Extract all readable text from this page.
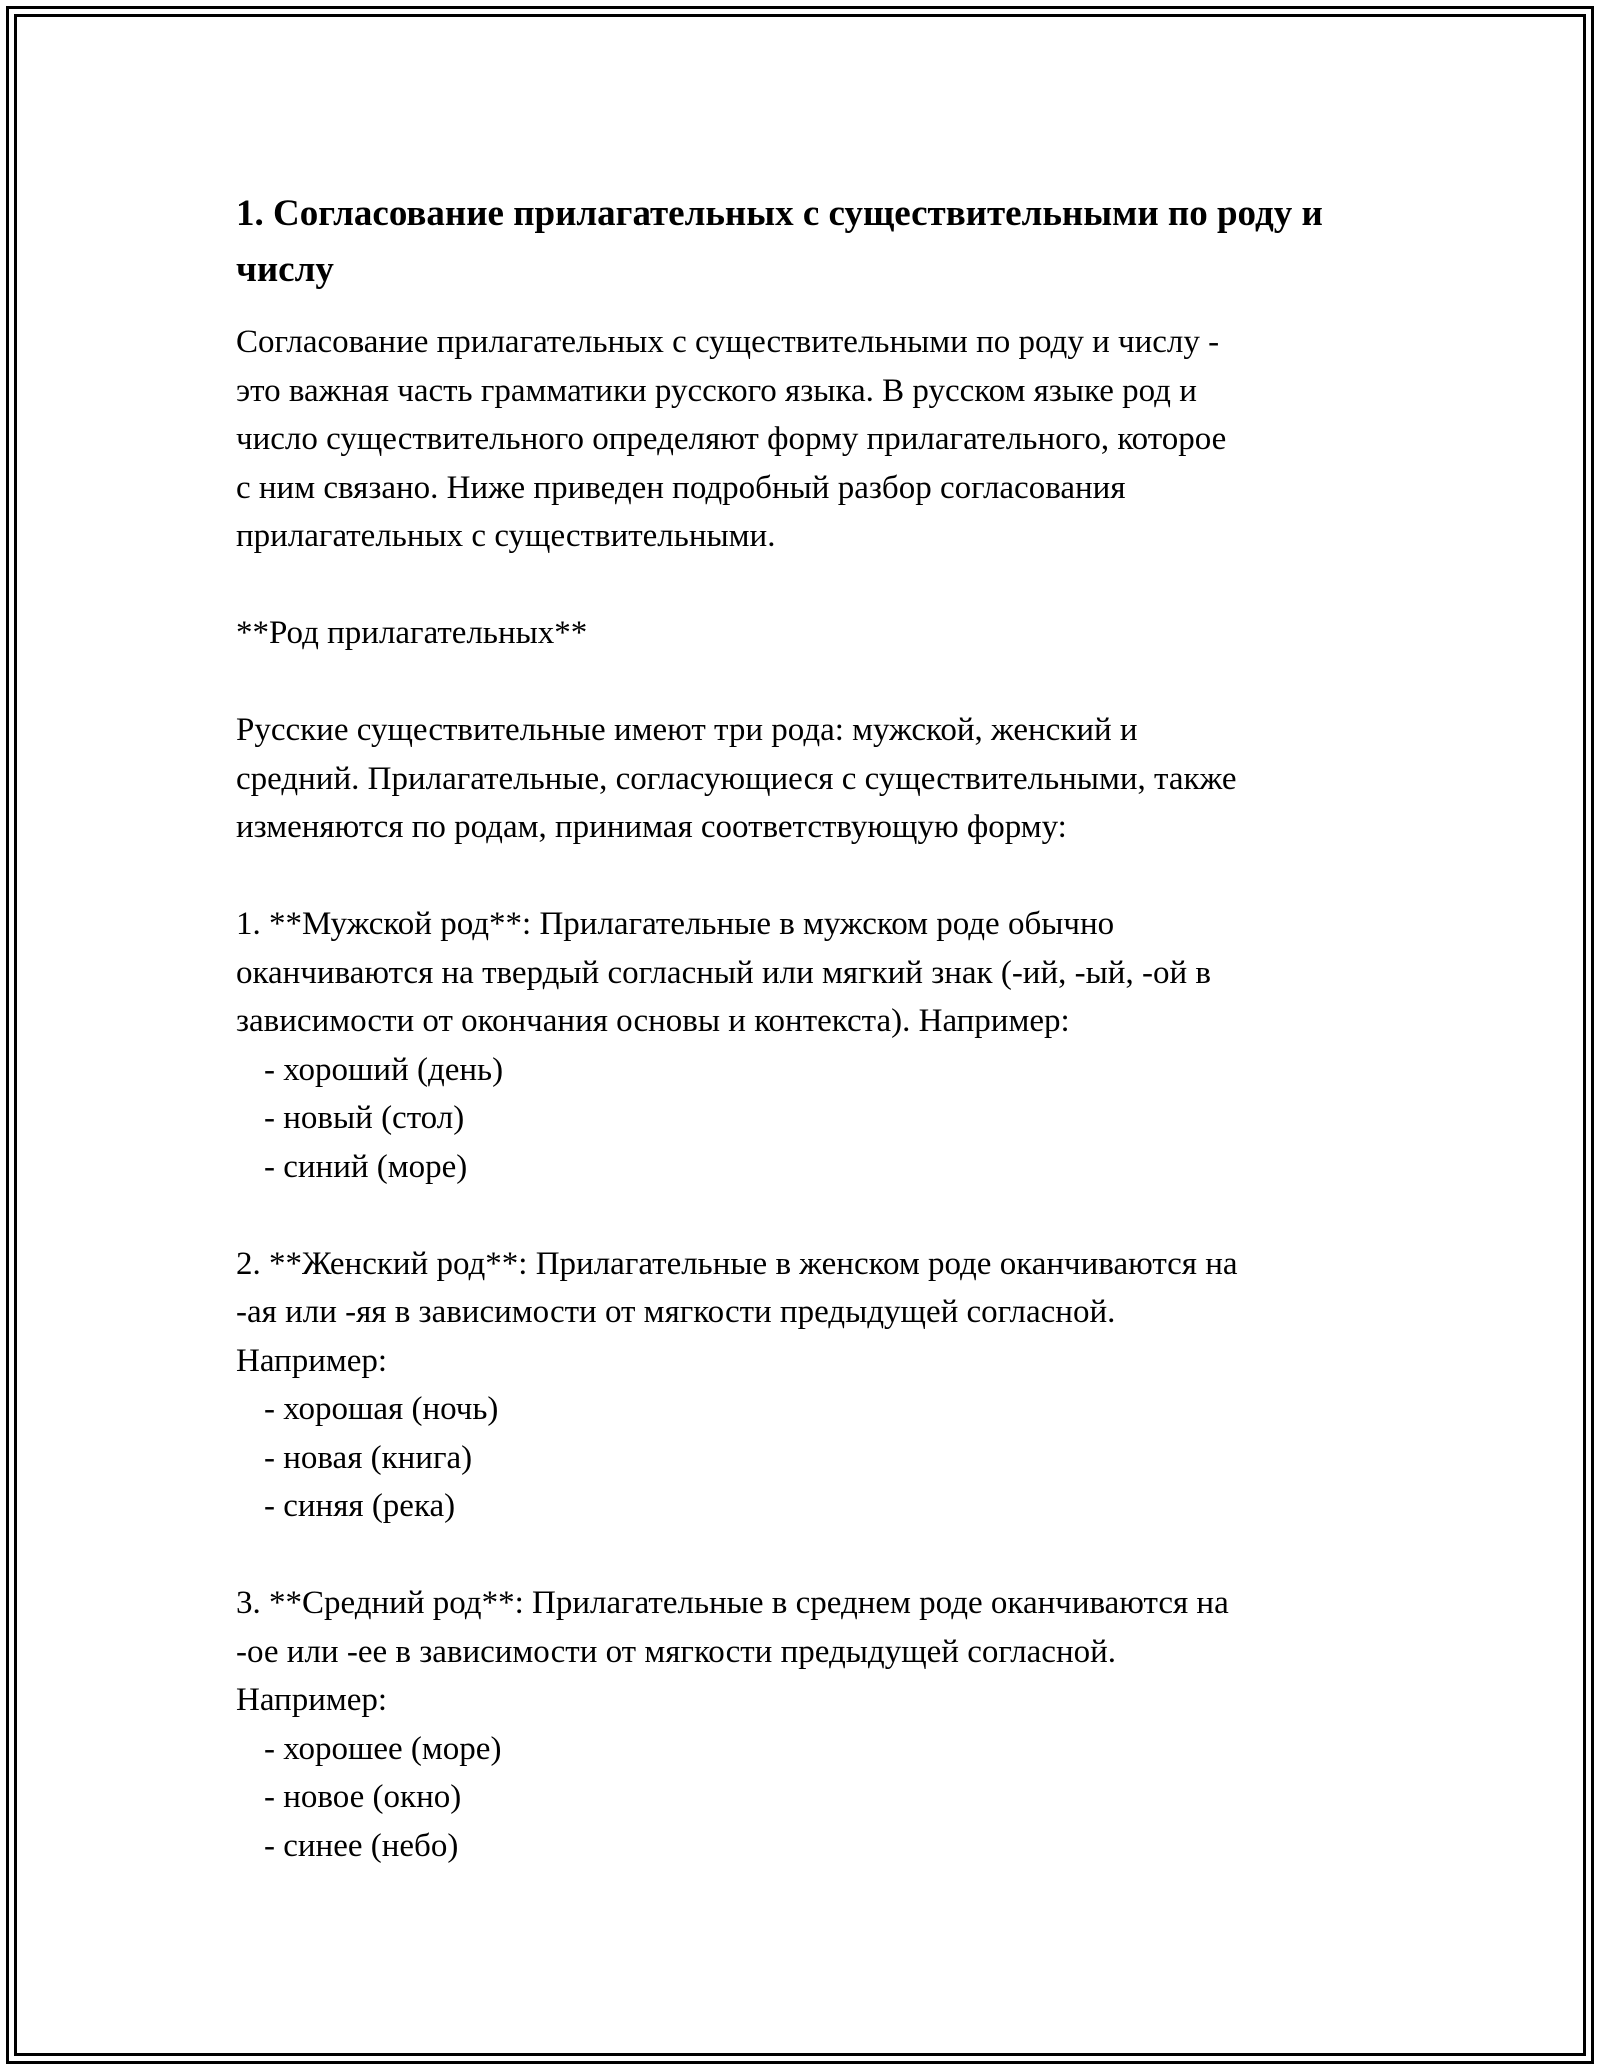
1. Согласование прилагательных с существительными по роду и числу

Согласование прилагательных с существительными по роду и числу -
это важная часть грамматики русского языка. В русском языке род и
число существительного определяют форму прилагательного, которое
с ним связано. Ниже приведен подробный разбор согласования
прилагательных с существительными.

**Род прилагательных**

Русские существительные имеют три рода: мужской, женский и
средний. Прилагательные, согласующиеся с существительными, также
изменяются по родам, принимая соответствующую форму:

1. **Мужской род**: Прилагательные в мужском роде обычно
оканчиваются на твердый согласный или мягкий знак (-ий, -ый, -ой в
зависимости от окончания основы и контекста). Например:

- хороший (день)
- новый (стол)
- синий (море)

2. **Женский род**: Прилагательные в женском роде оканчиваются на
-ая или -яя в зависимости от мягкости предыдущей согласной.
Например:

- хорошая (ночь)
- новая (книга)
- синяя (река)

3. **Средний род**: Прилагательные в среднем роде оканчиваются на
-ое или -ее в зависимости от мягкости предыдущей согласной.
Например:

- хорошее (море)
- новое (окно)
- синее (небо)
